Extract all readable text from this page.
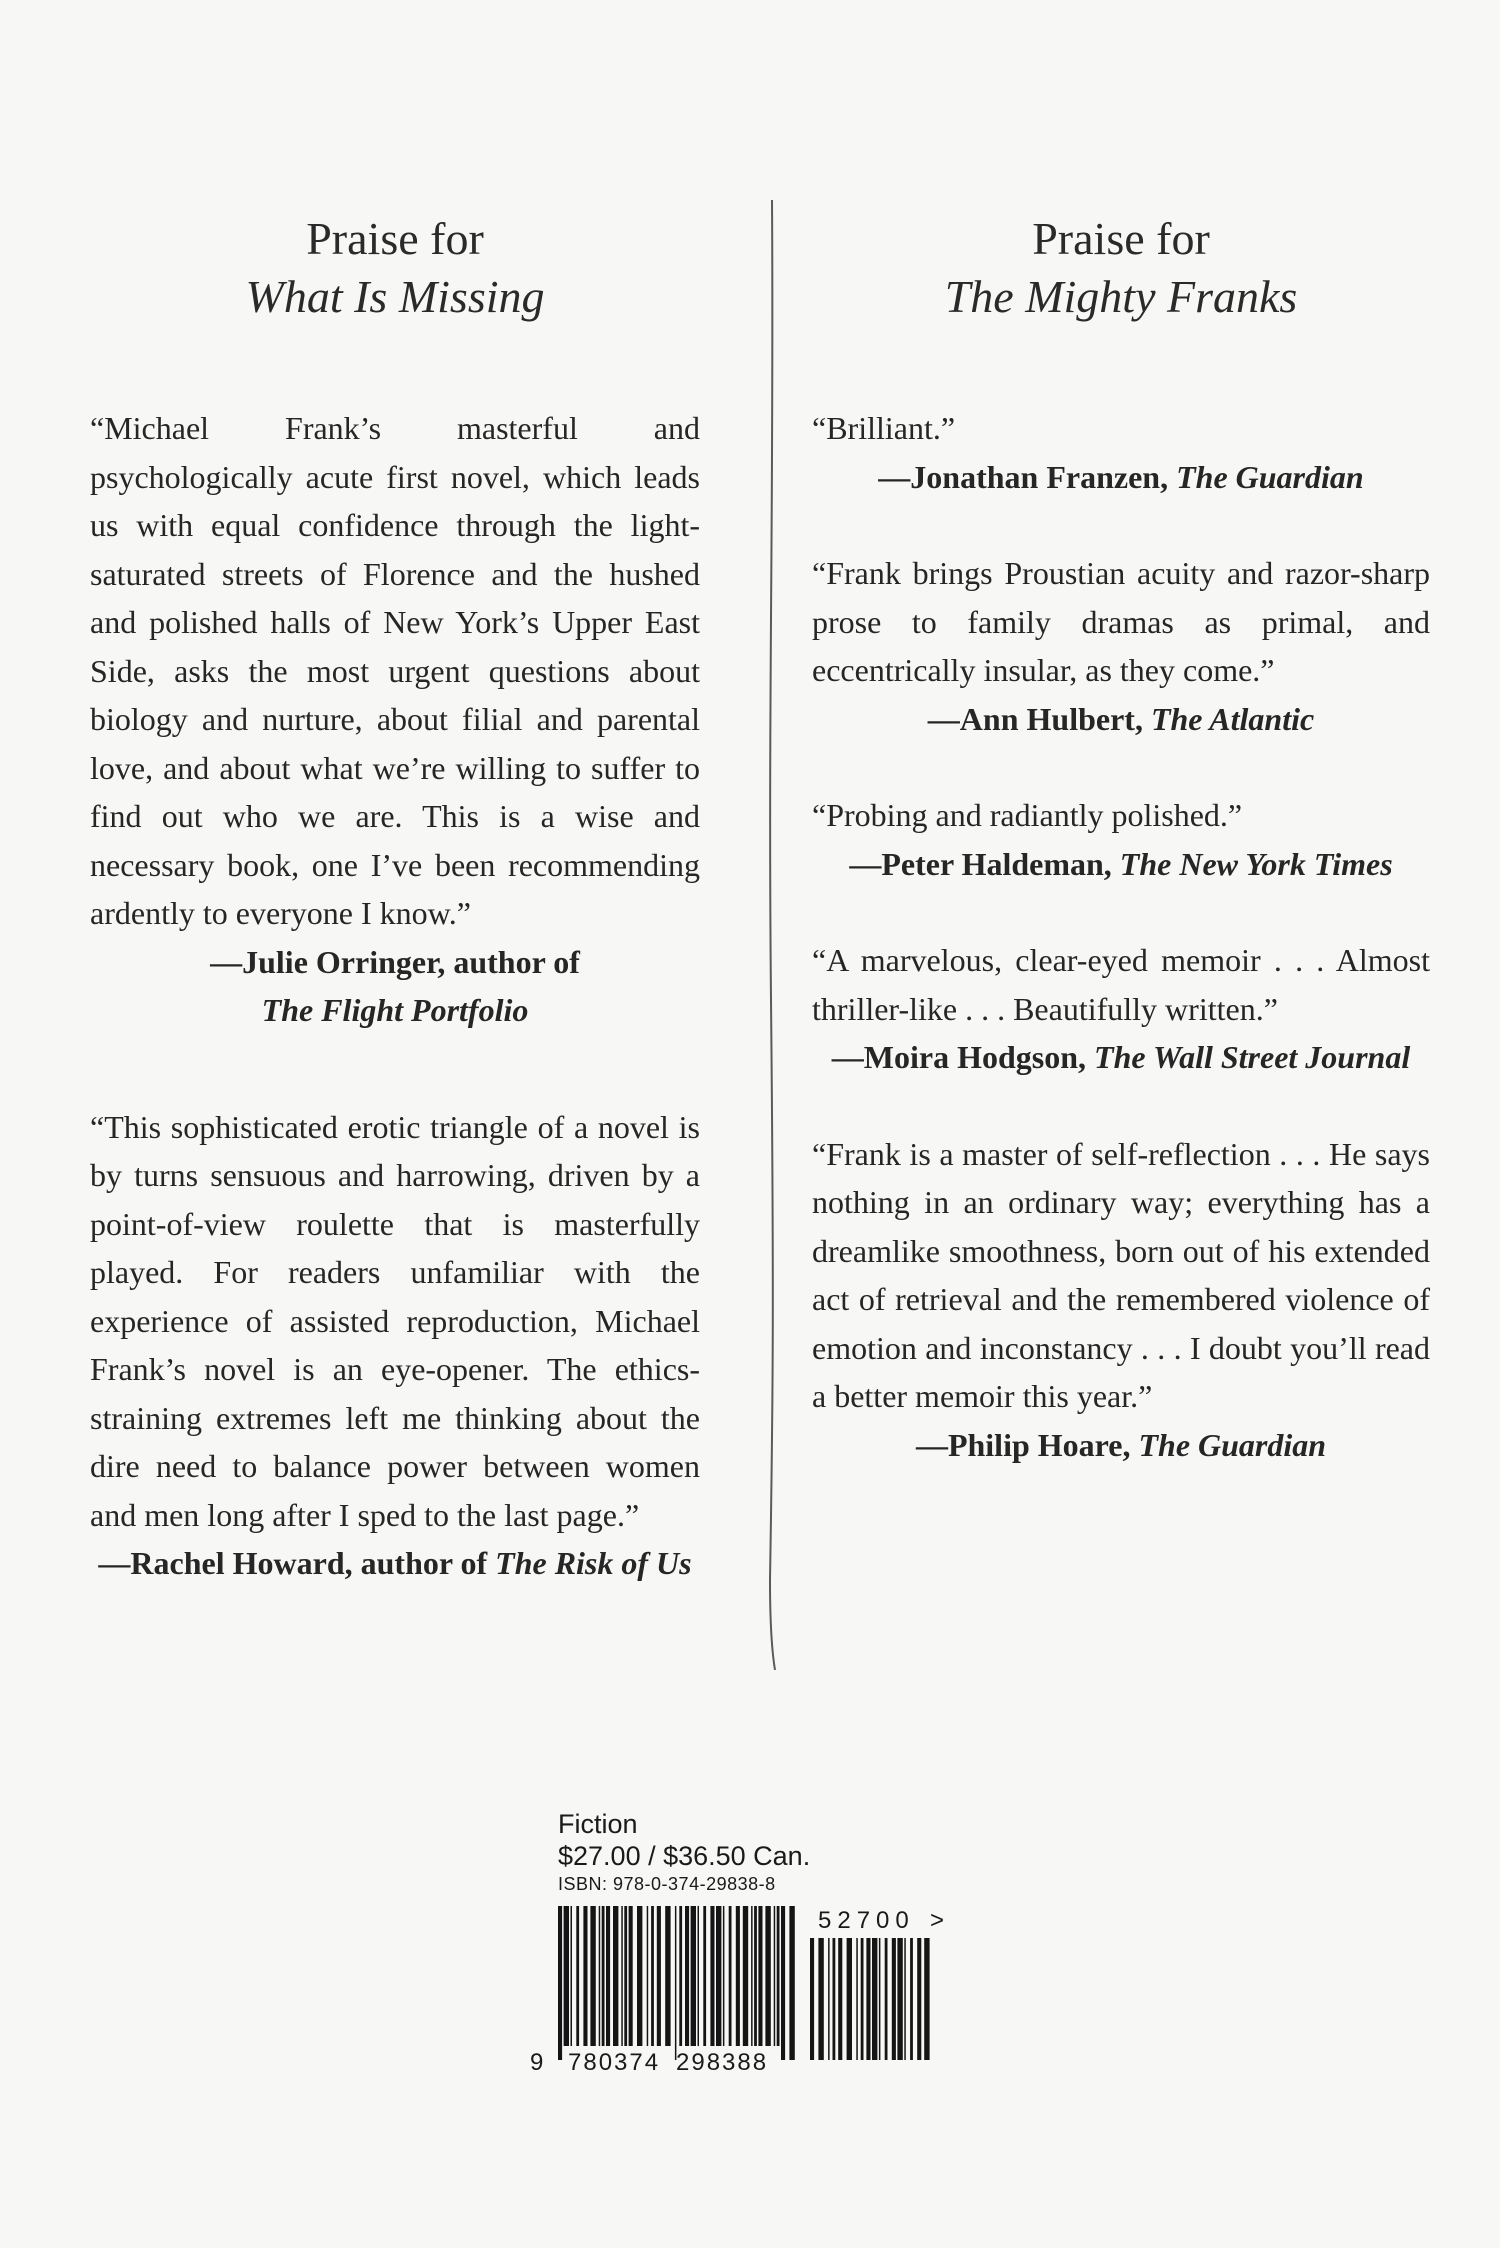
Praise for
What Is Missing

“Michael Frank’s masterful and psychologically acute first novel, which leads us with equal confidence through the light-saturated streets of Florence and the hushed and polished halls of New York’s Upper East Side, asks the most urgent questions about biology and nurture, about filial and parental love, and about what we’re willing to suffer to find out who we are. This is a wise and necessary book, one I’ve been recommending ardently to everyone I know.”

—Julie Orringer, author of
The Flight Portfolio

“This sophisticated erotic triangle of a novel is by turns sensuous and harrowing, driven by a point-of-view roulette that is masterfully played. For readers unfamiliar with the experience of assisted reproduction, Michael Frank’s novel is an eye-opener. The ethics-straining extremes left me thinking about the dire need to balance power between women and men long after I sped to the last page.”

—Rachel Howard, author of The Risk of Us
Praise for
The Mighty Franks

“Brilliant.”

—Jonathan Franzen, The Guardian

“Frank brings Proustian acuity and razor-sharp prose to family dramas as primal, and eccentrically insular, as they come.”

—Ann Hulbert, The Atlantic

“Probing and radiantly polished.”

—Peter Haldeman, The New York Times

“A marvelous, clear-eyed memoir . . . Almost thriller-like . . . Beautifully written.”

—Moira Hodgson, The Wall Street Journal

“Frank is a master of self-reflection . . . He says nothing in an ordinary way; everything has a dreamlike smoothness, born out of his extended act of retrieval and the remembered violence of emotion and inconstancy . . . I doubt you’ll read a better memoir this year.”

—Philip Hoare, The Guardian
Fiction
$27.00 / $36.50 Can.
ISBN: 978-0-374-29838-8
9 780374 298388
52700 >
